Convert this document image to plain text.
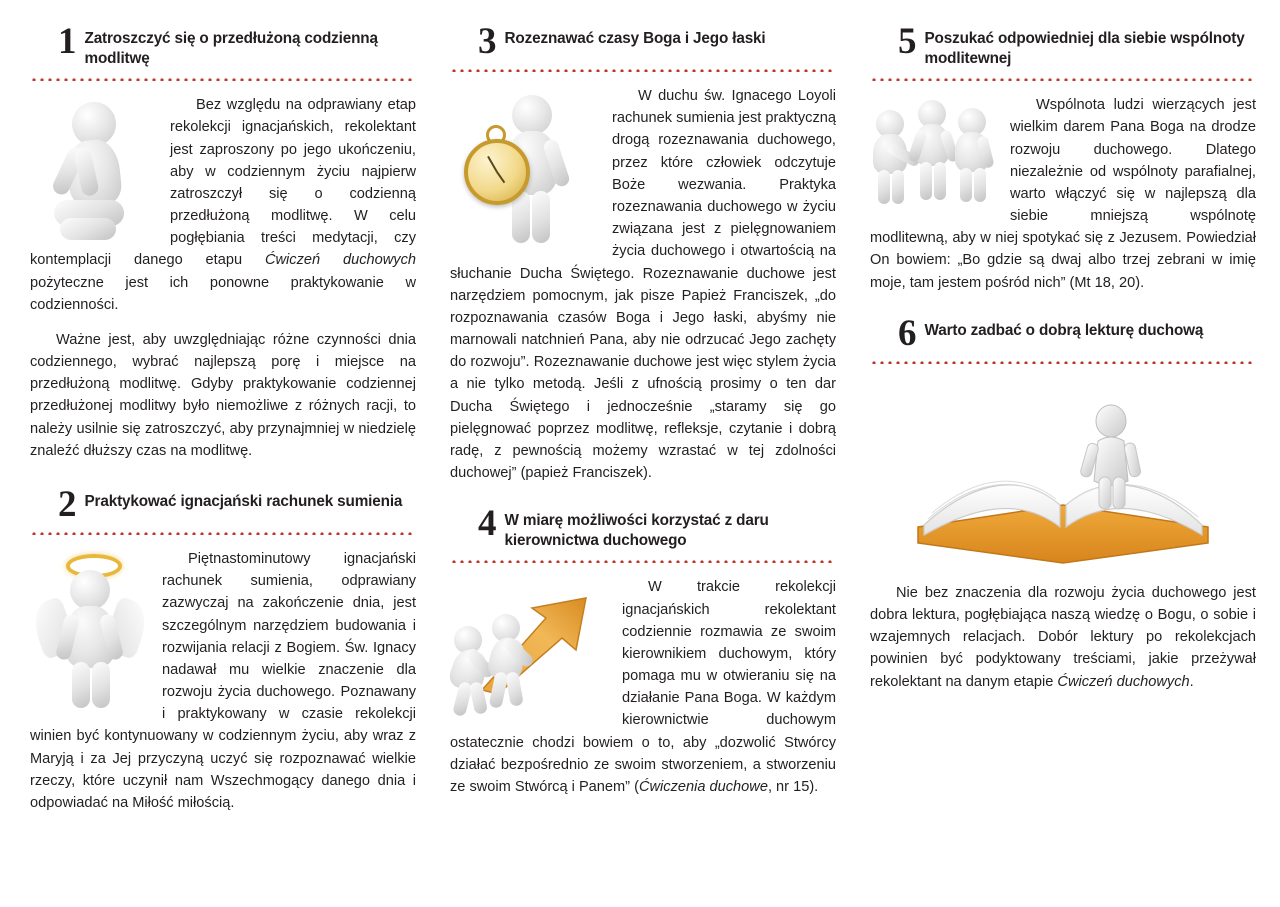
1 Zatroszczyć się o przedłużoną codzienną modlitwę

Bez względu na odprawiany etap rekolekcji ignacjańskich, rekolektant jest zaproszony po jego ukończeniu, aby w codziennym życiu najpierw zatroszczył się o codzienną przedłużoną modlitwę. W celu pogłębiania treści medytacji, czy kontemplacji danego etapu Ćwiczeń duchowych pożyteczne jest ich ponowne praktykowanie w codzienności.

Ważne jest, aby uwzględniając różne czynności dnia codziennego, wybrać najlepszą porę i miejsce na przedłużoną modlitwę. Gdyby praktykowanie codziennej przedłużonej modlitwy było niemożliwe z różnych racji, to należy usilnie się zatroszczyć, aby przynajmniej w niedzielę znaleźć dłuższy czas na modlitwę.

2 Praktykować ignacjański rachunek sumienia

Piętnastominutowy ignacjański rachunek sumienia, odprawiany zazwyczaj na zakończenie dnia, jest szczególnym narzędziem budowania i rozwijania relacji z Bogiem. Św. Ignacy nadawał mu wielkie znaczenie dla rozwoju życia duchowego. Poznawany i praktykowany w czasie rekolekcji winien być kontynuowany w codziennym życiu, aby wraz z Maryją i za Jej przyczyną uczyć się rozpoznawać wielkie rzeczy, które uczynił nam Wszechmogący danego dnia i odpowiadać na Miłość miłością.

3 Rozeznawać czasy Boga i Jego łaski

W duchu św. Ignacego Loyoli rachunek sumienia jest praktyczną drogą rozeznawania duchowego, przez które człowiek odczytuje Boże wezwania. Praktyka rozeznawania duchowego w życiu związana jest z pielęgnowaniem życia duchowego i otwartością na słuchanie Ducha Świętego. Rozeznawanie duchowe jest narzędziem pomocnym, jak pisze Papież Franciszek, „do rozpoznawania czasów Boga i Jego łaski, abyśmy nie marnowali natchnień Pana, aby nie odrzucać Jego zachęty do rozwoju”. Rozeznawanie duchowe jest więc stylem życia a nie tylko metodą. Jeśli z ufnością prosimy o ten dar Ducha Świętego i jednocześnie „staramy się go pielęgnować poprzez modlitwę, refleksje, czytanie i dobrą radę, z pewnością możemy wzrastać w tej zdolności duchowej” (papież Franciszek).

4 W miarę możliwości korzystać z daru kierownictwa duchowego

W trakcie rekolekcji ignacjańskich rekolektant codziennie rozmawia ze swoim kierownikiem duchowym, który pomaga mu w otwieraniu się na działanie Pana Boga. W każdym kierownictwie duchowym ostatecznie chodzi bowiem o to, aby „dozwolić Stwórcy działać bezpośrednio ze swoim stworzeniem, a stworzeniu ze swoim Stwórcą i Panem” (Ćwiczenia duchowe, nr 15).

5 Poszukać odpowiedniej dla siebie wspólnoty modlitewnej

Wspólnota ludzi wierzących jest wielkim darem Pana Boga na drodze rozwoju duchowego. Dlatego niezależnie od wspólnoty parafialnej, warto włączyć się w najlepszą dla siebie mniejszą wspólnotę modlitewną, aby w niej spotykać się z Jezusem. Powiedział On bowiem: „Bo gdzie są dwaj albo trzej zebrani w imię moje, tam jestem pośród nich” (Mt 18, 20).

6 Warto zadbać o dobrą lekturę duchową

Nie bez znaczenia dla rozwoju życia duchowego jest dobra lektura, pogłębiająca naszą wiedzę o Bogu, o sobie i wzajemnych relacjach. Dobór lektury po rekolekcjach powinien być podyktowany treściami, jakie przeżywał rekolektant na danym etapie Ćwiczeń duchowych.
